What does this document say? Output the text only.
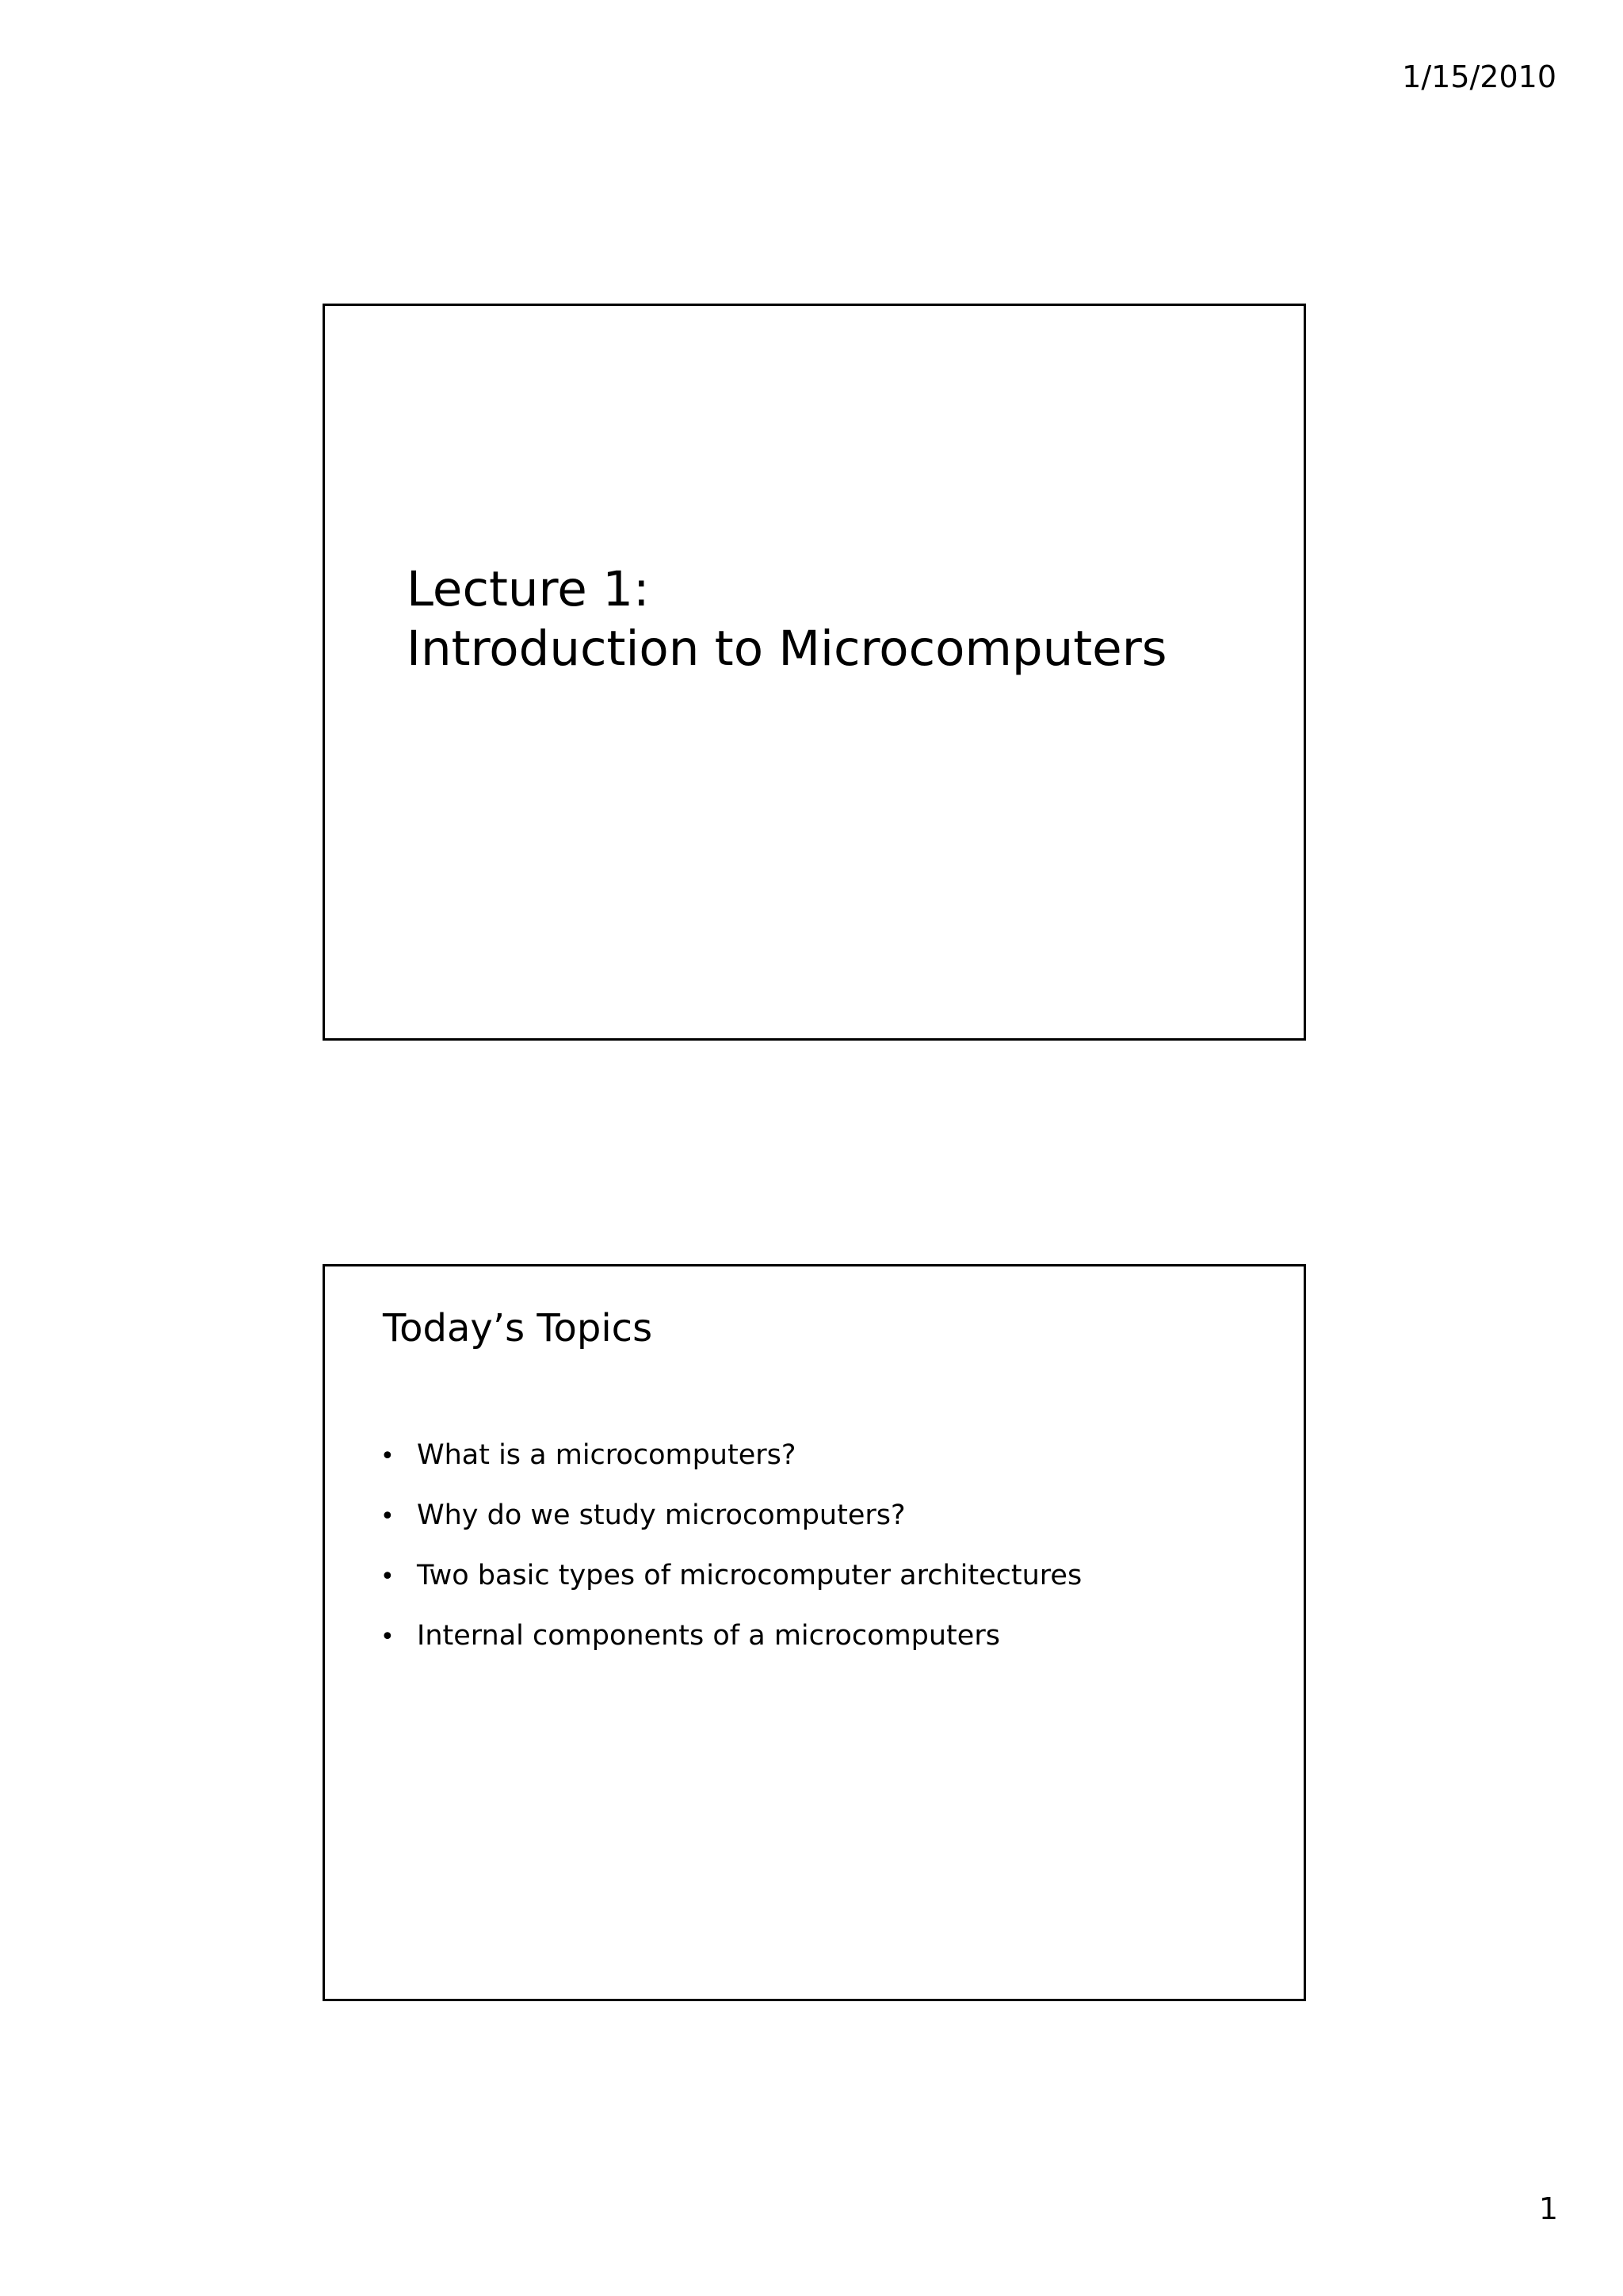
1/15/2010
Lecture 1:
Introduction to Microcomputers
Today’s Topics
• What is a microcomputers?
• Why do we study microcomputers?
• Two basic types of microcomputer architectures
• Internal components of a microcomputers
1
